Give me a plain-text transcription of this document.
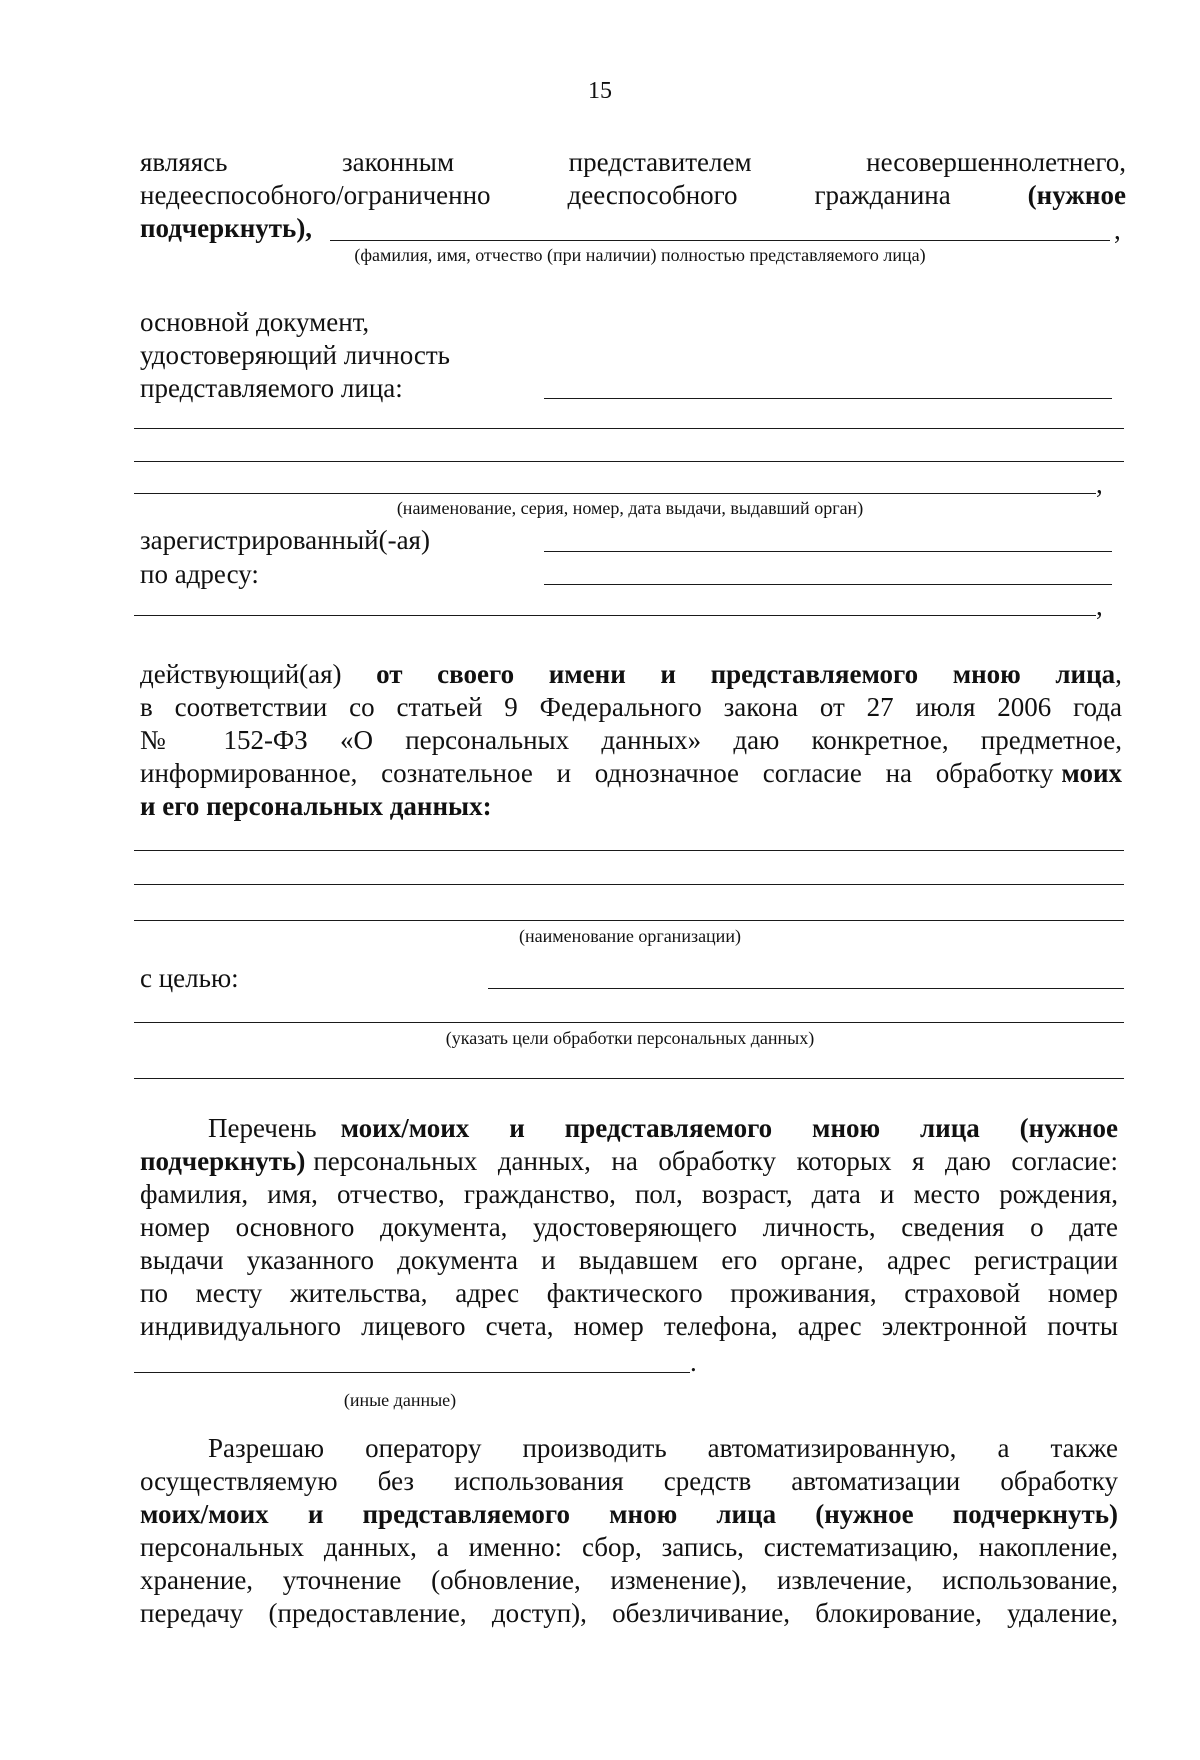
15
являясь	законным	представителем	несовершеннолетнего,
недееспособного/ограниченно	дееспособного	гражданина	(нужное
подчеркнуть),	,
(фамилия, имя, отчество (при наличии) полностью представляемого лица)
основной документ,
удостоверяющий личность
представляемого лица:
,
(наименование, серия, номер, дата выдачи, выдавший орган)
зарегистрированный(-ая)
по адресу:
,
действующий(ая) от своего имени и представляемого мною лица,
в соответствии со статьей 9 Федерального закона от 27 июля 2006 года
№ 152-ФЗ «О персональных данных» даю конкретное, предметное,
информированное, сознательное и однозначное согласие на обработку моих
и его персональных данных:
(наименование организации)
с целью:
(указать цели обработки персональных данных)
Перечень моих/моих и представляемого мною лица (нужное
подчеркнуть) персональных данных, на обработку которых я даю согласие:
фамилия, имя, отчество, гражданство, пол, возраст, дата и место рождения,
номер основного документа, удостоверяющего личность, сведения о дате
выдачи указанного документа и выдавшем его органе, адрес регистрации
по месту жительства, адрес фактического проживания, страховой номер
индивидуального лицевого счета, номер телефона, адрес электронной почты
.
(иные данные)
Разрешаю оператору производить автоматизированную, а также
осуществляемую без использования средств автоматизации обработку
моих/моих и представляемого мною лица (нужное подчеркнуть)
персональных данных, а именно: сбор, запись, систематизацию, накопление,
хранение, уточнение (обновление, изменение), извлечение, использование,
передачу (предоставление, доступ), обезличивание, блокирование, удаление,
